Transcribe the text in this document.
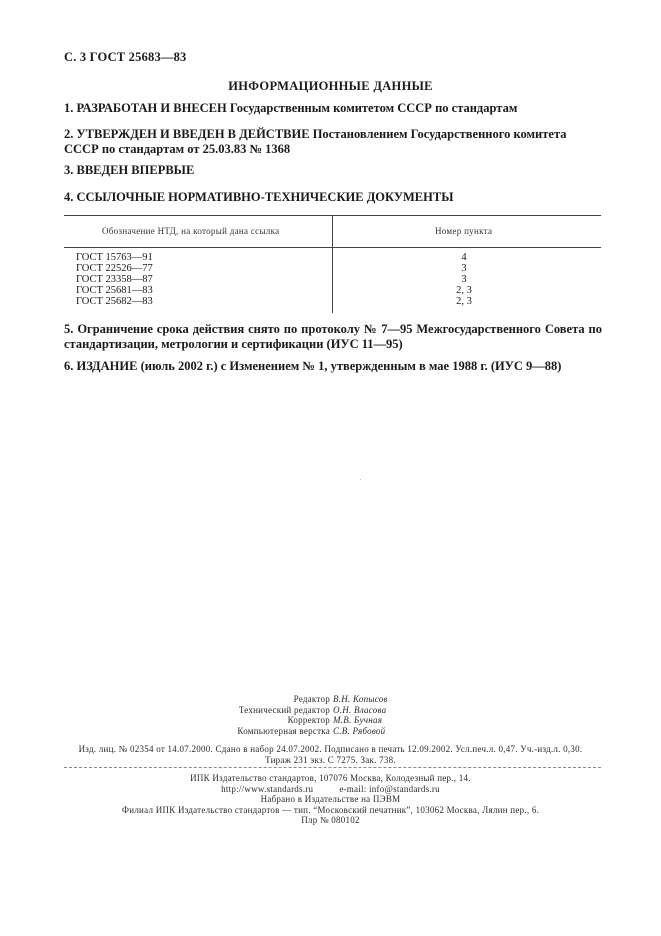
С. 3 ГОСТ 25683—83
ИНФОРМАЦИОННЫЕ ДАННЫЕ
1. РАЗРАБОТАН И ВНЕСЕН Государственным комитетом СССР по стандартам
2. УТВЕРЖДЕН И ВВЕДЕН В ДЕЙСТВИЕ Постановлением Государственного комитета СССР по стандартам от 25.03.83 № 1368
3. ВВЕДЕН ВПЕРВЫЕ
4. ССЫЛОЧНЫЕ НОРМАТИВНО-ТЕХНИЧЕСКИЕ ДОКУМЕНТЫ
Обозначение НТД, на который дана ссылка	Номер пункта
ГОСТ 15763—91	4
ГОСТ 22526—77	3
ГОСТ 23358—87	3
ГОСТ 25681—83	2, 3
ГОСТ 25682—83	2, 3
5. Ограничение срока действия снято по протоколу № 7—95 Межгосударственного Совета по стандартизации, метрологии и сертификации (ИУС 11—95)
6. ИЗДАНИЕ (июль 2002 г.) с Изменением № 1, утвержденным в мае 1988 г. (ИУС 9—88)
Редактор В.Н. Копысов
Технический редактор О.Н. Власова
Корректор М.В. Бучная
Компьютерная верстка С.В. Рябовой
Изд. лиц. № 02354 от 14.07.2000. Сдано в набор 24.07.2002. Подписано в печать 12.09.2002. Усл.печ.л. 0,47. Уч.-изд.л. 0,30.
Тираж 231 экз. С 7275. Зак. 738.
ИПК Издательство стандартов, 107076 Москва, Колодезный пер., 14.
http://www.standards.ru	e-mail: info@standards.ru
Набрано в Издательстве на ПЭВМ
Филиал ИПК Издательство стандартов — тип. “Московский печатник”, 103062 Москва, Лялин пер., 6.
Плр № 080102
